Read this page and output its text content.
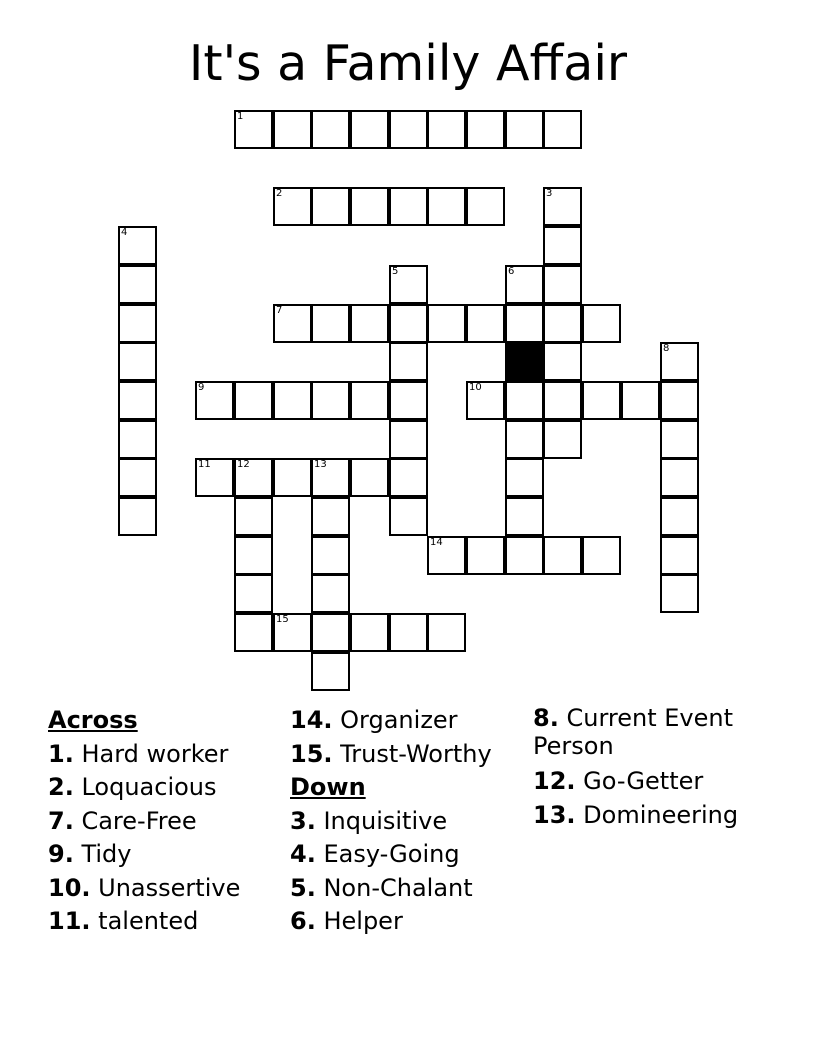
It's a Family Affair
1
2	3
4
5	6
7
8
9	10
11	12	13
14
15
Across
1. Hard worker
2. Loquacious
7. Care-Free
9. Tidy
10. Unassertive
11. talented
14. Organizer
15. Trust-Worthy
Down
3. Inquisitive
4. Easy-Going
5. Non-Chalant
6. Helper
8. Current Event Person
12. Go-Getter
13. Domineering
